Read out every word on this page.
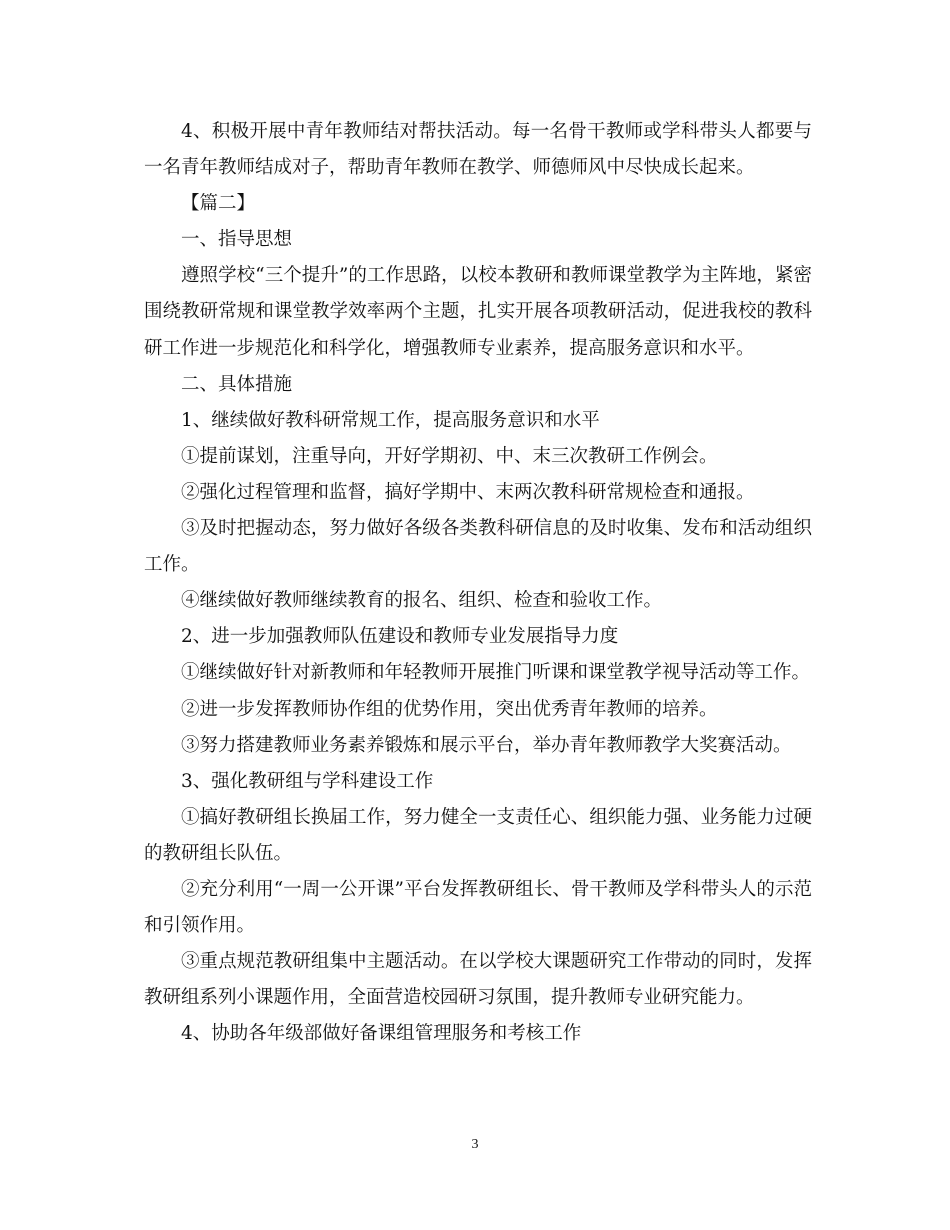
4、积极开展中青年教师结对帮扶活动。每一名骨干教师或学科带头人都要与一名青年教师结成对子，帮助青年教师在教学、师德师风中尽快成长起来。

【篇二】

一、指导思想

遵照学校“三个提升”的工作思路，以校本教研和教师课堂教学为主阵地，紧密围绕教研常规和课堂教学效率两个主题，扎实开展各项教研活动，促进我校的教科研工作进一步规范化和科学化，增强教师专业素养，提高服务意识和水平。

二、具体措施

1、继续做好教科研常规工作，提高服务意识和水平

①提前谋划，注重导向，开好学期初、中、末三次教研工作例会。

②强化过程管理和监督，搞好学期中、末两次教科研常规检查和通报。

③及时把握动态，努力做好各级各类教科研信息的及时收集、发布和活动组织工作。

④继续做好教师继续教育的报名、组织、检查和验收工作。

2、进一步加强教师队伍建设和教师专业发展指导力度

①继续做好针对新教师和年轻教师开展推门听课和课堂教学视导活动等工作。

②进一步发挥教师协作组的优势作用，突出优秀青年教师的培养。

③努力搭建教师业务素养锻炼和展示平台，举办青年教师教学大奖赛活动。

3、强化教研组与学科建设工作

①搞好教研组长换届工作，努力健全一支责任心、组织能力强、业务能力过硬的教研组长队伍。

②充分利用“一周一公开课”平台发挥教研组长、骨干教师及学科带头人的示范和引领作用。

③重点规范教研组集中主题活动。在以学校大课题研究工作带动的同时，发挥教研组系列小课题作用，全面营造校园研习氛围，提升教师专业研究能力。

4、协助各年级部做好备课组管理服务和考核工作

3
